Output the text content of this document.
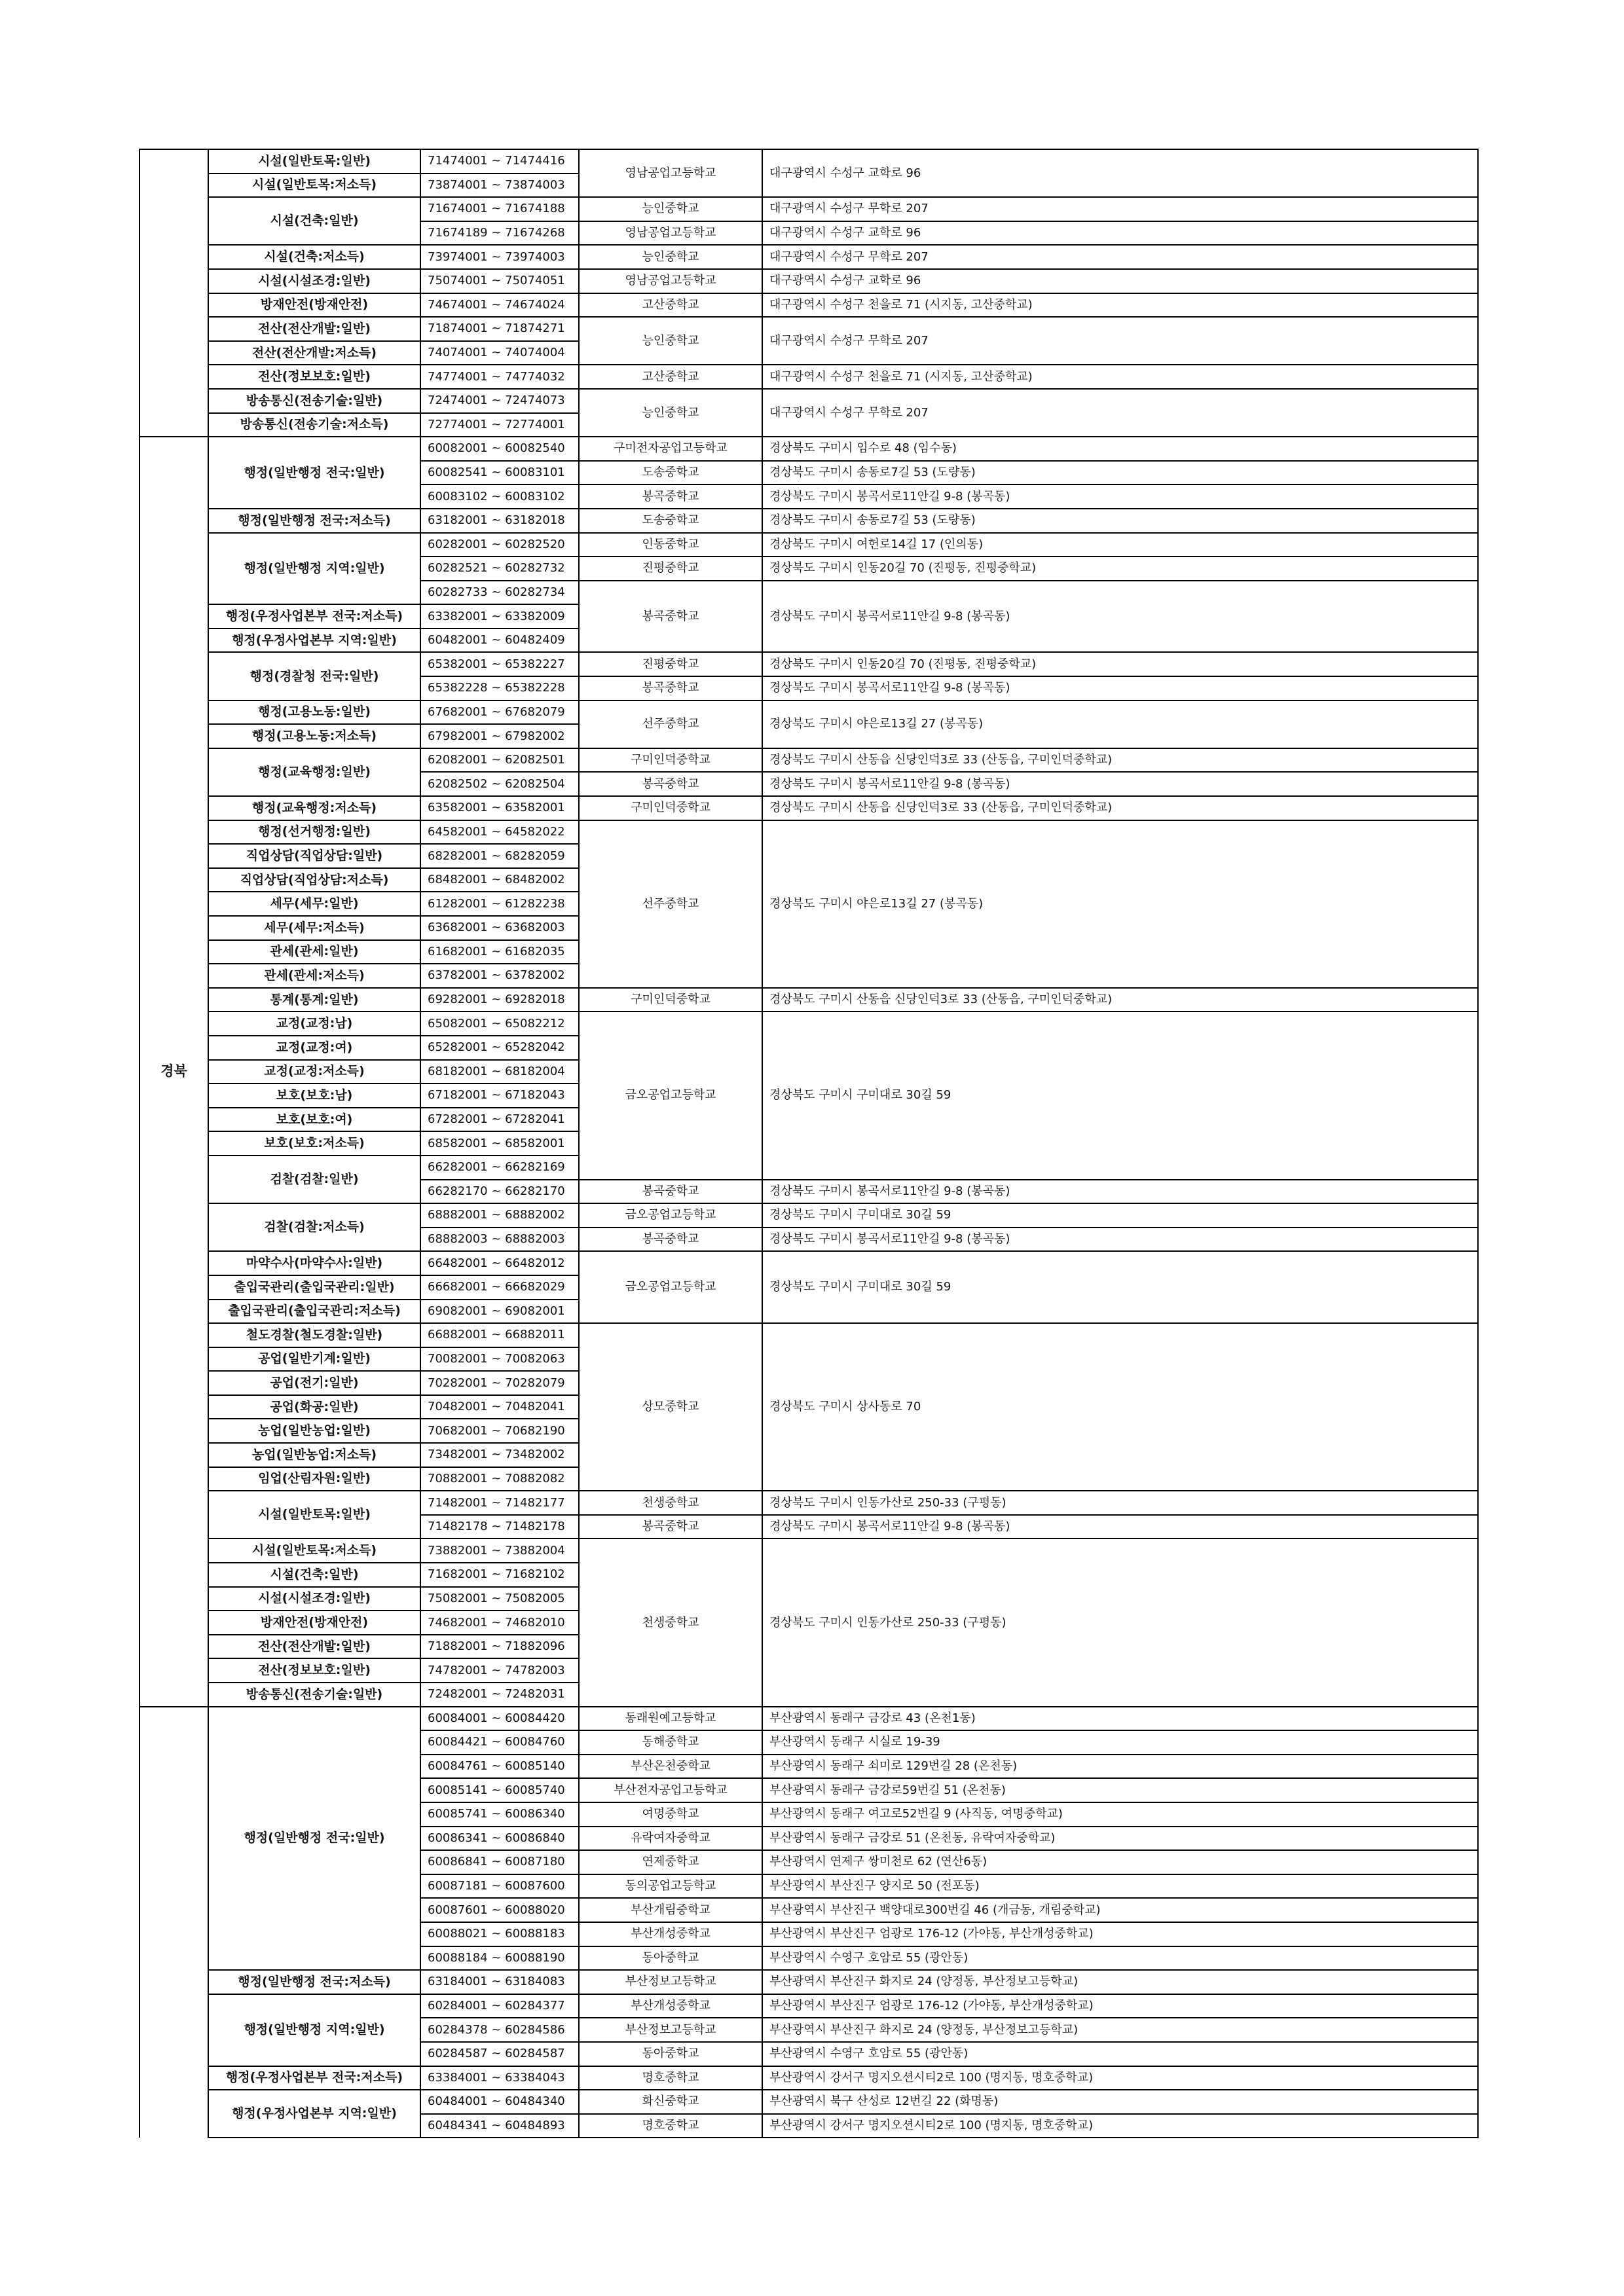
	시설(일반토목:일반)	71474001 ~ 71474416	영남공업고등학교	대구광역시 수성구 교학로 96
	시설(일반토목:저소득)	73874001 ~ 73874003		
	시설(건축:일반)	71674001 ~ 71674188	능인중학교	대구광역시 수성구 무학로 207
		71674189 ~ 71674268	영남공업고등학교	대구광역시 수성구 교학로 96
	시설(건축:저소득)	73974001 ~ 73974003	능인중학교	대구광역시 수성구 무학로 207
	시설(시설조경:일반)	75074001 ~ 75074051	영남공업고등학교	대구광역시 수성구 교학로 96
	방재안전(방재안전)	74674001 ~ 74674024	고산중학교	대구광역시 수성구 천을로 71 (시지동, 고산중학교)
	전산(전산개발:일반)	71874001 ~ 71874271	능인중학교	대구광역시 수성구 무학로 207
	전산(전산개발:저소득)	74074001 ~ 74074004		
	전산(정보보호:일반)	74774001 ~ 74774032	고산중학교	대구광역시 수성구 천을로 71 (시지동, 고산중학교)
	방송통신(전송기술:일반)	72474001 ~ 72474073	능인중학교	대구광역시 수성구 무학로 207
	방송통신(전송기술:저소득)	72774001 ~ 72774001		
경북	행정(일반행정 전국:일반)	60082001 ~ 60082540	구미전자공업고등학교	경상북도 구미시 임수로 48 (임수동)
		60082541 ~ 60083101	도송중학교	경상북도 구미시 송동로7길 53 (도량동)
		60083102 ~ 60083102	봉곡중학교	경상북도 구미시 봉곡서로11안길 9-8 (봉곡동)
	행정(일반행정 전국:저소득)	63182001 ~ 63182018	도송중학교	경상북도 구미시 송동로7길 53 (도량동)
	행정(일반행정 지역:일반)	60282001 ~ 60282520	인동중학교	경상북도 구미시 여헌로14길 17 (인의동)
		60282521 ~ 60282732	진평중학교	경상북도 구미시 인동20길 70 (진평동, 진평중학교)
		60282733 ~ 60282734	봉곡중학교	경상북도 구미시 봉곡서로11안길 9-8 (봉곡동)
	행정(우정사업본부 전국:저소득)	63382001 ~ 63382009		
	행정(우정사업본부 지역:일반)	60482001 ~ 60482409		
	행정(경찰청 전국:일반)	65382001 ~ 65382227	진평중학교	경상북도 구미시 인동20길 70 (진평동, 진평중학교)
		65382228 ~ 65382228	봉곡중학교	경상북도 구미시 봉곡서로11안길 9-8 (봉곡동)
	행정(고용노동:일반)	67682001 ~ 67682079	선주중학교	경상북도 구미시 야은로13길 27 (봉곡동)
	행정(고용노동:저소득)	67982001 ~ 67982002		
	행정(교육행정:일반)	62082001 ~ 62082501	구미인덕중학교	경상북도 구미시 산동읍 신당인덕3로 33 (산동읍, 구미인덕중학교)
		62082502 ~ 62082504	봉곡중학교	경상북도 구미시 봉곡서로11안길 9-8 (봉곡동)
	행정(교육행정:저소득)	63582001 ~ 63582001	구미인덕중학교	경상북도 구미시 산동읍 신당인덕3로 33 (산동읍, 구미인덕중학교)
	행정(선거행정:일반)	64582001 ~ 64582022	선주중학교	경상북도 구미시 야은로13길 27 (봉곡동)
	직업상담(직업상담:일반)	68282001 ~ 68282059		
	직업상담(직업상담:저소득)	68482001 ~ 68482002		
	세무(세무:일반)	61282001 ~ 61282238		
	세무(세무:저소득)	63682001 ~ 63682003		
	관세(관세:일반)	61682001 ~ 61682035		
	관세(관세:저소득)	63782001 ~ 63782002		
	통계(통계:일반)	69282001 ~ 69282018	구미인덕중학교	경상북도 구미시 산동읍 신당인덕3로 33 (산동읍, 구미인덕중학교)
	교정(교정:남)	65082001 ~ 65082212	금오공업고등학교	경상북도 구미시 구미대로 30길 59
	교정(교정:여)	65282001 ~ 65282042		
	교정(교정:저소득)	68182001 ~ 68182004		
	보호(보호:남)	67182001 ~ 67182043		
	보호(보호:여)	67282001 ~ 67282041		
	보호(보호:저소득)	68582001 ~ 68582001		
	검찰(검찰:일반)	66282001 ~ 66282169		
		66282170 ~ 66282170	봉곡중학교	경상북도 구미시 봉곡서로11안길 9-8 (봉곡동)
	검찰(검찰:저소득)	68882001 ~ 68882002	금오공업고등학교	경상북도 구미시 구미대로 30길 59
		68882003 ~ 68882003	봉곡중학교	경상북도 구미시 봉곡서로11안길 9-8 (봉곡동)
	마약수사(마약수사:일반)	66482001 ~ 66482012	금오공업고등학교	경상북도 구미시 구미대로 30길 59
	출입국관리(출입국관리:일반)	66682001 ~ 66682029		
	출입국관리(출입국관리:저소득)	69082001 ~ 69082001		
	철도경찰(철도경찰:일반)	66882001 ~ 66882011	상모중학교	경상북도 구미시 상사동로 70
	공업(일반기계:일반)	70082001 ~ 70082063		
	공업(전기:일반)	70282001 ~ 70282079		
	공업(화공:일반)	70482001 ~ 70482041		
	농업(일반농업:일반)	70682001 ~ 70682190		
	농업(일반농업:저소득)	73482001 ~ 73482002		
	임업(산림자원:일반)	70882001 ~ 70882082		
	시설(일반토목:일반)	71482001 ~ 71482177	천생중학교	경상북도 구미시 인동가산로 250-33 (구평동)
		71482178 ~ 71482178	봉곡중학교	경상북도 구미시 봉곡서로11안길 9-8 (봉곡동)
	시설(일반토목:저소득)	73882001 ~ 73882004	천생중학교	경상북도 구미시 인동가산로 250-33 (구평동)
	시설(건축:일반)	71682001 ~ 71682102		
	시설(시설조경:일반)	75082001 ~ 75082005		
	방재안전(방재안전)	74682001 ~ 74682010		
	전산(전산개발:일반)	71882001 ~ 71882096		
	전산(정보보호:일반)	74782001 ~ 74782003		
	방송통신(전송기술:일반)	72482001 ~ 72482031		
	행정(일반행정 전국:일반)	60084001 ~ 60084420	동래원예고등학교	부산광역시 동래구 금강로 43 (온천1동)
		60084421 ~ 60084760	동해중학교	부산광역시 동래구 시실로 19-39
		60084761 ~ 60085140	부산온천중학교	부산광역시 동래구 쇠미로 129번길 28 (온천동)
		60085141 ~ 60085740	부산전자공업고등학교	부산광역시 동래구 금강로59번길 51 (온천동)
		60085741 ~ 60086340	여명중학교	부산광역시 동래구 여고로52번길 9 (사직동, 여명중학교)
		60086341 ~ 60086840	유락여자중학교	부산광역시 동래구 금강로 51 (온천동, 유락여자중학교)
		60086841 ~ 60087180	연제중학교	부산광역시 연제구 쌍미천로 62 (연산6동)
		60087181 ~ 60087600	동의공업고등학교	부산광역시 부산진구 양지로 50 (전포동)
		60087601 ~ 60088020	부산개림중학교	부산광역시 부산진구 백양대로300번길 46 (개금동, 개림중학교)
		60088021 ~ 60088183	부산개성중학교	부산광역시 부산진구 엄광로 176-12 (가야동, 부산개성중학교)
		60088184 ~ 60088190	동아중학교	부산광역시 수영구 호암로 55 (광안동)
	행정(일반행정 전국:저소득)	63184001 ~ 63184083	부산정보고등학교	부산광역시 부산진구 화지로 24 (양정동, 부산정보고등학교)
	행정(일반행정 지역:일반)	60284001 ~ 60284377	부산개성중학교	부산광역시 부산진구 엄광로 176-12 (가야동, 부산개성중학교)
		60284378 ~ 60284586	부산정보고등학교	부산광역시 부산진구 화지로 24 (양정동, 부산정보고등학교)
		60284587 ~ 60284587	동아중학교	부산광역시 수영구 호암로 55 (광안동)
	행정(우정사업본부 전국:저소득)	63384001 ~ 63384043	명호중학교	부산광역시 강서구 명지오션시티2로 100 (명지동, 명호중학교)
	행정(우정사업본부 지역:일반)	60484001 ~ 60484340	화신중학교	부산광역시 북구 산성로 12번길 22 (화명동)
		60484341 ~ 60484893	명호중학교	부산광역시 강서구 명지오션시티2로 100 (명지동, 명호중학교)
